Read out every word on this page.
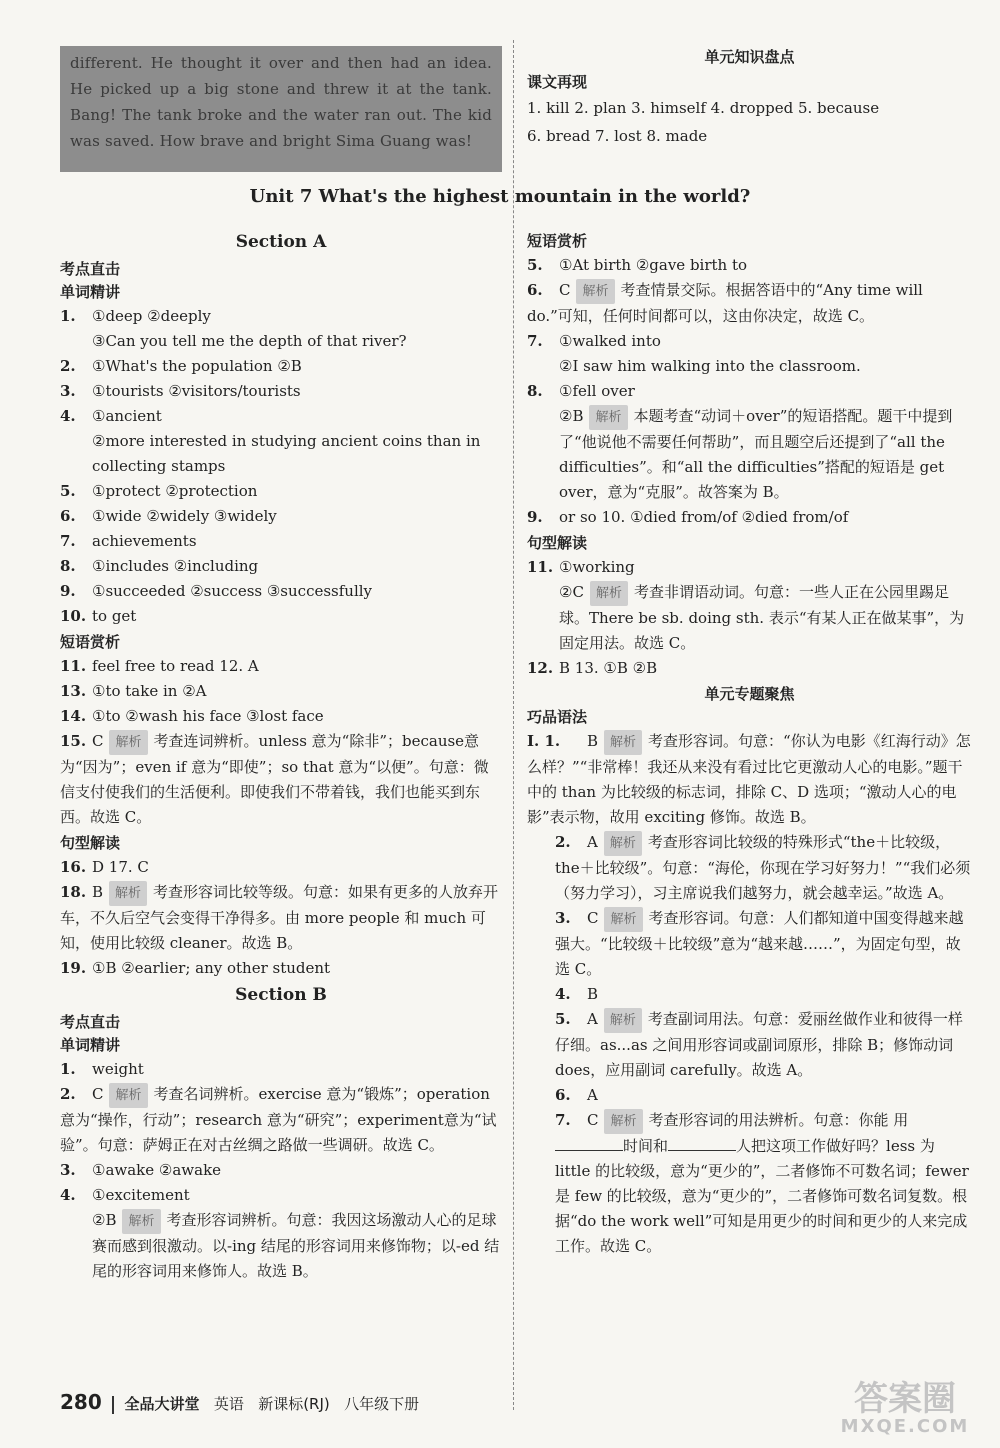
different. He thought it over and then had an idea. He picked up a big stone and threw it at the tank. Bang! The tank broke and the water ran out. The kid was saved. How brave and bright Sima Guang was!
单元知识盘点
课文再现
1. kill 2. plan 3. himself 4. dropped 5. because
6. bread 7. lost 8. made
Unit 7 What's the highest mountain in the world?
Section A
考点直击
单词精讲
1. ①deep ②deeply
③Can you tell me the depth of that river?
2. ①What's the population ②B
3. ①tourists ②visitors/tourists
4. ①ancient
②more interested in studying ancient coins than in collecting stamps
5. ①protect ②protection
6. ①wide ②widely ③widely
7. achievements
8. ①includes ②including
9. ①succeeded ②success ③successfully
10. to get
短语赏析
11. feel free to read 12. A
13. ①to take in ②A
14. ①to ②wash his face ③lost face
15. C 解析 考查连词辨析。unless 意为“除非”；because意为“因为”；even if 意为“即使”；so that 意为“以便”。句意：微信支付使我们的生活便利。即使我们不带着钱，我们也能买到东西。故选 C。
句型解读
16. D 17. C
18. B 解析 考查形容词比较等级。句意：如果有更多的人放弃开车，不久后空气会变得干净得多。由 more people 和 much 可知，使用比较级 cleaner。故选 B。
19. ①B ②earlier; any other student
Section B
考点直击
单词精讲
1. weight
2. C 解析 考查名词辨析。exercise 意为“锻炼”；operation意为“操作，行动”；research 意为“研究”；experiment意为“试验”。句意：萨姆正在对古丝绸之路做一些调研。故选 C。
3. ①awake ②awake
4. ①excitement
②B 解析 考查形容词辨析。句意：我因这场激动人心的足球赛而感到很激动。以-ing 结尾的形容词用来修饰物；以-ed 结尾的形容词用来修饰人。故选 B。
短语赏析
5. ①At birth ②gave birth to
6. C 解析 考查情景交际。根据答语中的“Any time will do.”可知，任何时间都可以，这由你决定，故选 C。
7. ①walked into
②I saw him walking into the classroom.
8. ①fell over
②B 解析 本题考查“动词＋over”的短语搭配。题干中提到了“他说他不需要任何帮助”，而且题空后还提到了“all the difficulties”。和“all the difficulties”搭配的短语是 get over，意为“克服”。故答案为 B。
9. or so 10. ①died from/of ②died from/of
句型解读
11. ①working
②C 解析 考查非谓语动词。句意：一些人正在公园里踢足球。There be sb. doing sth. 表示“有某人正在做某事”，为固定用法。故选 C。
12. B 13. ①B ②B
单元专题聚焦
巧品语法
Ⅰ. 1. B 解析 考查形容词。句意：“你认为电影《红海行动》怎么样？”“非常棒！我还从来没有看过比它更激动人心的电影。”题干中的 than 为比较级的标志词，排除 C、D 选项；“激动人心的电影”表示物，故用 exciting 修饰。故选 B。
2. A 解析 考查形容词比较级的特殊形式“the＋比较级，the＋比较级”。句意：“海伦，你现在学习好努力！”“我们必须（努力学习），习主席说我们越努力，就会越幸运。”故选 A。
3. C 解析 考查形容词。句意：人们都知道中国变得越来越强大。“比较级＋比较级”意为“越来越……”，为固定句型，故选 C。
4. B
5. A 解析 考查副词用法。句意：爱丽丝做作业和彼得一样仔细。as...as 之间用形容词或副词原形，排除 B；修饰动词 does，应用副词 carefully。故选 A。
6. A
7. C 解析 考查形容词的用法辨析。句意：你能 用时间和	人把这项工作做好吗？less 为 little 的比较级，意为“更少的”，二者修饰不可数名词；fewer 是 few 的比较级，意为“更少的”，二者修饰可数名词复数。根据“do the work well”可知是用更少的时间和更少的人来完成工作。故选 C。
280 全品大讲堂 英语 新课标(RJ) 八年级下册	答案圈
MXQE.COM
